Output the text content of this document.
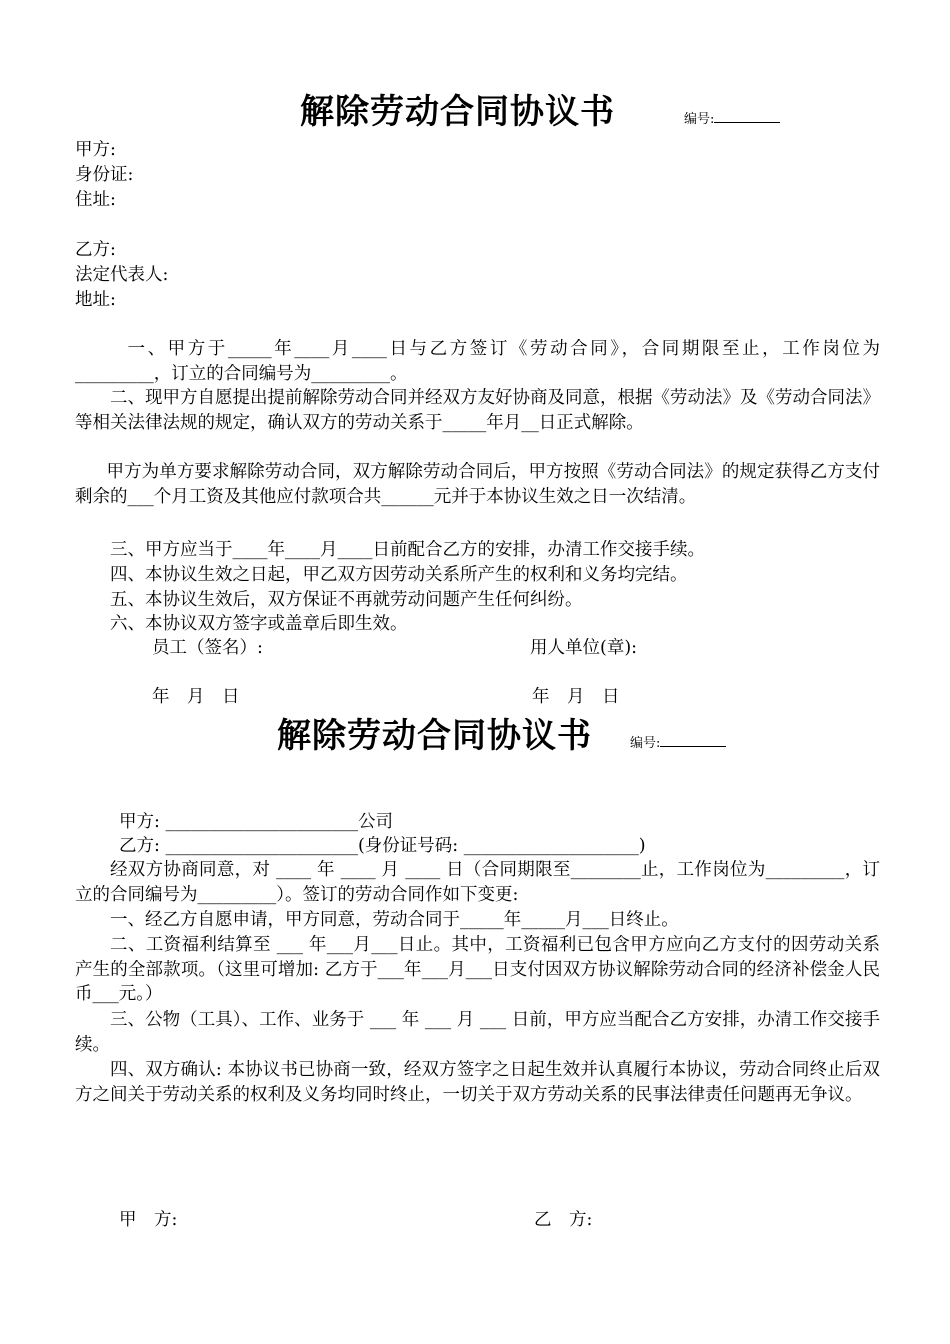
解除劳动合同协议书	编号:
甲方:
身份证:
住址:
乙方:
法定代表人:
地址:
一、甲方于_____年____月____日与乙方签订《劳动合同》，合同期限至止，工作岗位为_________，订立的合同编号为_________。
二、现甲方自愿提出提前解除劳动合同并经双方友好协商及同意，根据《劳动法》及《劳动合同法》等相关法律法规的规定，确认双方的劳动关系于_____年月__日正式解除。
甲方为单方要求解除劳动合同，双方解除劳动合同后，甲方按照《劳动合同法》的规定获得乙方支付剩余的___个月工资及其他应付款项合共______元并于本协议生效之日一次结清。
三、甲方应当于____年____月____日前配合乙方的安排，办清工作交接手续。
四、本协议生效之日起，甲乙双方因劳动关系所产生的权利和义务均完结。
五、本协议生效后，双方保证不再就劳动问题产生任何纠纷。
六、本协议双方签字或盖章后即生效。
员工（签名）:	用人单位(章):
年　月　日	年　月　日
解除劳动合同协议书	编号:
甲方: ______________________公司
乙方: ______________________(身份证号码: ____________________)
经双方协商同意，对 ____ 年 ____ 月 ____ 日（合同期限至________止，工作岗位为_________，订立的合同编号为_________）。签订的劳动合同作如下变更:
一、经乙方自愿申请，甲方同意，劳动合同于_____年_____月___日终止。
二、工资福利结算至 ___ 年___月___日止。其中，工资福利已包含甲方应向乙方支付的因劳动关系产生的全部款项。（这里可增加: 乙方于___年___月___日支付因双方协议解除劳动合同的经济补偿金人民币___元。）
三、公物（工具）、工作、业务于 ___ 年 ___ 月 ___ 日前，甲方应当配合乙方安排，办清工作交接手续。
四、双方确认: 本协议书已协商一致，经双方签字之日起生效并认真履行本协议，劳动合同终止后双方之间关于劳动关系的权利及义务均同时终止，一切关于双方劳动关系的民事法律责任问题再无争议。
甲　方:	乙　方:
